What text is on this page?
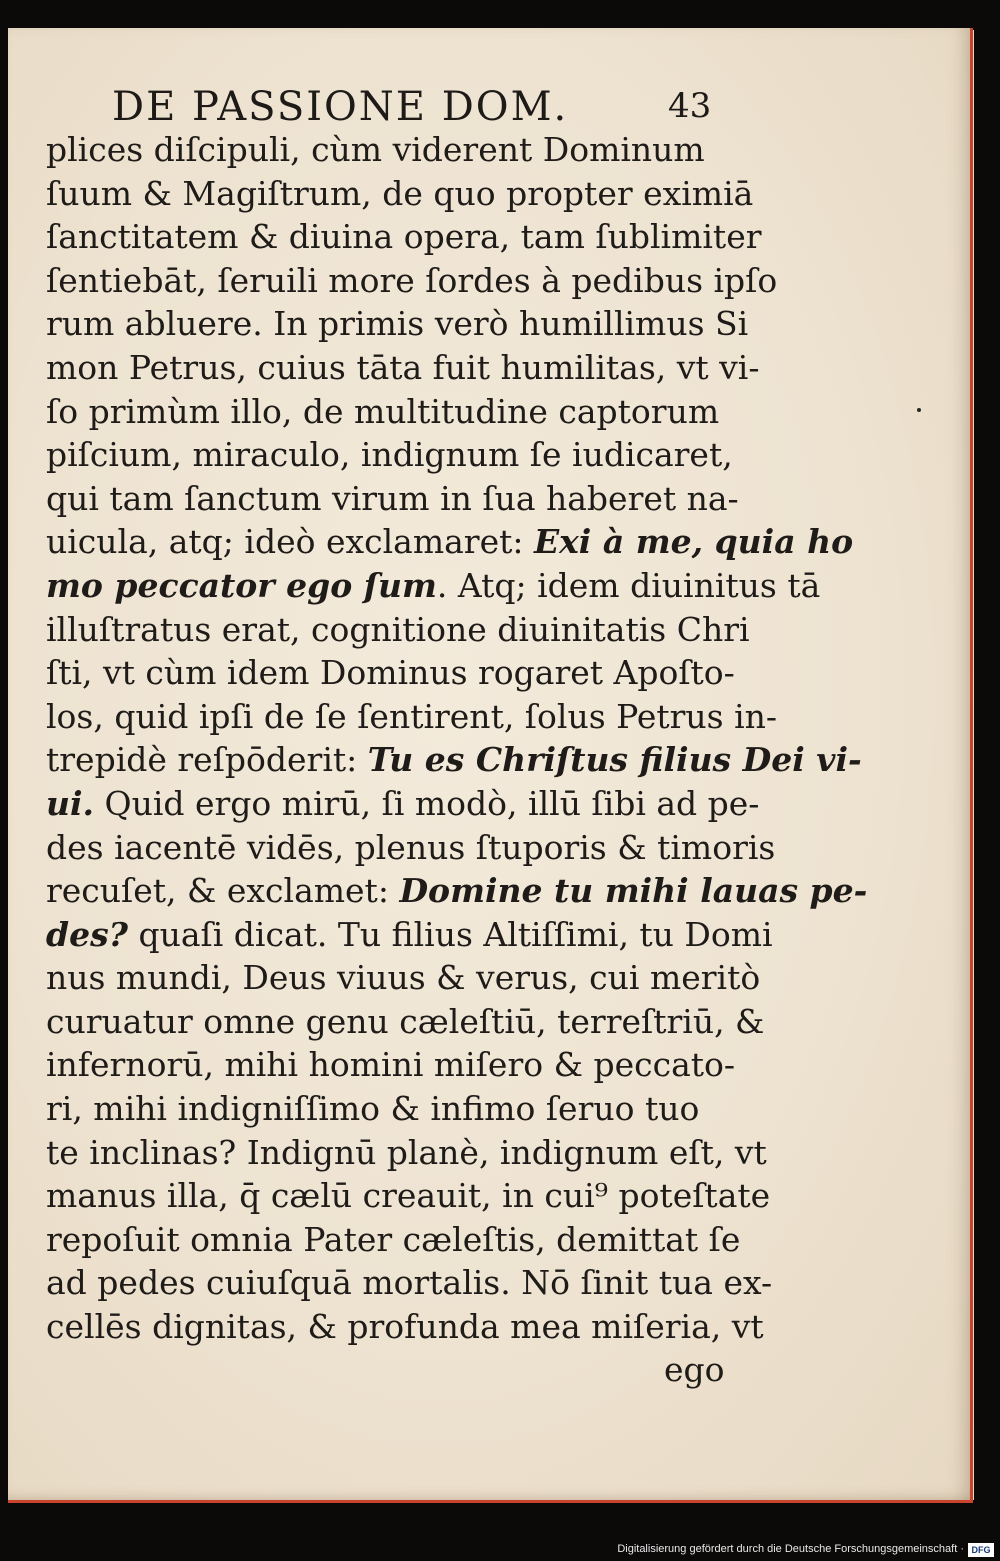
DE PASSIONE DOM.	43
plices diſcipuli, cùm viderent Dominum
ſuum & Magiſtrum, de quo propter eximiā
ſanctitatem & diuina opera, tam ſublimiter
ſentiebāt, ſeruili more ſordes à pedibus ipſo
rum abluere. In primis verò humillimus Si
mon Petrus, cuius tāta fuit humilitas, vt vi-
ſo primùm illo, de multitudine captorum
piſcium, miraculo, indignum ſe iudicaret,
qui tam ſanctum virum in ſua haberet na-
uicula, atq; ideò exclamaret: Exi à me, quia ho
mo peccator ego ſum. Atq; idem diuinitus tā
illuſtratus erat, cognitione diuinitatis Chri
ſti, vt cùm idem Dominus rogaret Apoſto-
los, quid ipſi de ſe ſentirent, ſolus Petrus in-
trepidè reſpōderit: Tu es Chriſtus filius Dei vi-
ui. Quid ergo mirū, ſi modò, illū ſibi ad pe-
des iacentē vidēs, plenus ſtuporis & timoris
recuſet, & exclamet: Domine tu mihi lauas pe-
des? quaſi dicat. Tu filius Altiſſimi, tu Domi
nus mundi, Deus viuus & verus, cui meritò
curuatur omne genu cæleſtiū, terreſtriū, &
infernorū, mihi homini miſero & peccato-
ri, mihi indigniſſimo & infimo ſeruo tuo
te inclinas? Indignū planè, indignum eſt, vt
manus illa, q̄ cælū creauit, in cui⁹ poteſtate
repoſuit omnia Pater cæleſtis, demittat ſe
ad pedes cuiuſquā mortalis. Nō ſinit tua ex-
cellēs dignitas, & profunda mea miſeria, vt
ego
Digitalisierung gefördert durch die Deutsche Forschungsgemeinschaft · DFG
